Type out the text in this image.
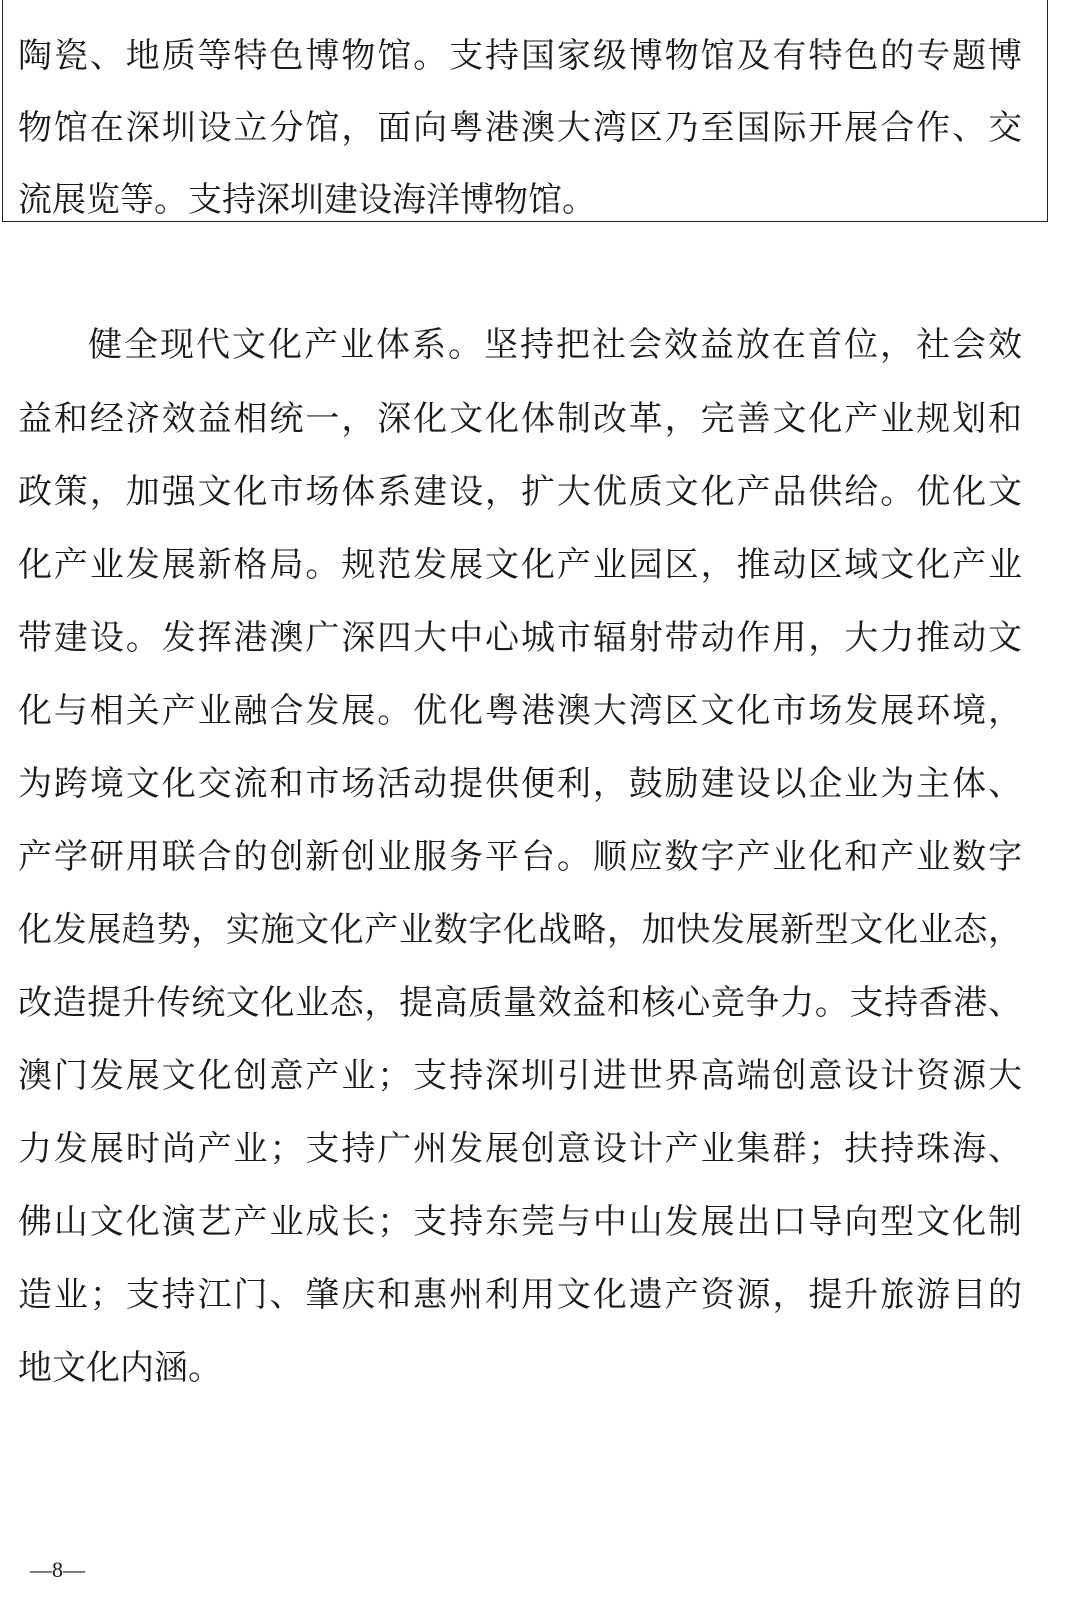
陶瓷、地质等特色博物馆。支持国家级博物馆及有特色的专题博
物馆在深圳设立分馆，面向粤港澳大湾区乃至国际开展合作、交
流展览等。支持深圳建设海洋博物馆。
健全现代文化产业体系。坚持把社会效益放在首位，社会效
益和经济效益相统一，深化文化体制改革，完善文化产业规划和
政策，加强文化市场体系建设，扩大优质文化产品供给。优化文
化产业发展新格局。规范发展文化产业园区，推动区域文化产业
带建设。发挥港澳广深四大中心城市辐射带动作用，大力推动文
化与相关产业融合发展。优化粤港澳大湾区文化市场发展环境，
为跨境文化交流和市场活动提供便利，鼓励建设以企业为主体、
产学研用联合的创新创业服务平台。顺应数字产业化和产业数字
化发展趋势，实施文化产业数字化战略，加快发展新型文化业态，
改造提升传统文化业态，提高质量效益和核心竞争力。支持香港、
澳门发展文化创意产业；支持深圳引进世界高端创意设计资源大
力发展时尚产业；支持广州发展创意设计产业集群；扶持珠海、
佛山文化演艺产业成长；支持东莞与中山发展出口导向型文化制
造业；支持江门、肇庆和惠州利用文化遗产资源，提升旅游目的
地文化内涵。
—8—
